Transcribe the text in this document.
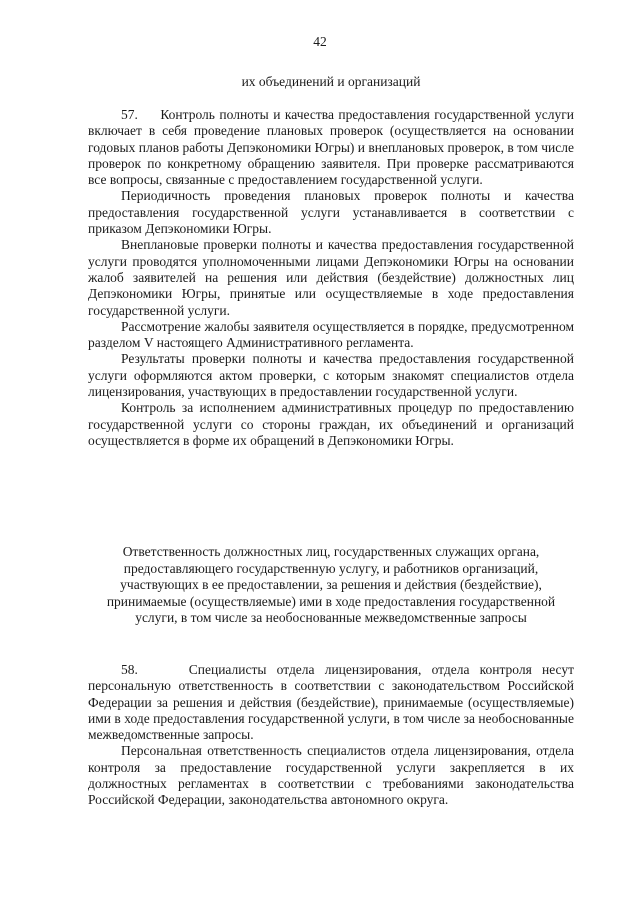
42
их объединений и организаций

57. Контроль полноты и качества предоставления государственной услуги включает в себя проведение плановых проверок (осуществляется на основании годовых планов работы Депэкономики Югры) и внеплановых проверок, в том числе проверок по конкретному обращению заявителя. При проверке рассматриваются все вопросы, связанные с предоставлением государственной услуги.

Периодичность проведения плановых проверок полноты и качества предоставления государственной услуги устанавливается в соответствии с приказом Депэкономики Югры.

Внеплановые проверки полноты и качества предоставления государственной услуги проводятся уполномоченными лицами Депэкономики Югры на основании жалоб заявителей на решения или действия (бездействие) должностных лиц Депэкономики Югры, принятые или осуществляемые в ходе предоставления государственной услуги.

Рассмотрение жалобы заявителя осуществляется в порядке, предусмотренном разделом V настоящего Административного регламента.

Результаты проверки полноты и качества предоставления государственной услуги оформляются актом проверки, с которым знакомят специалистов отдела лицензирования, участвующих в предоставлении государственной услуги.

Контроль за исполнением административных процедур по предоставлению государственной услуги со стороны граждан, их объединений и организаций осуществляется в форме их обращений в Депэкономики Югры.

Ответственность должностных лиц, государственных служащих органа, предоставляющего государственную услугу, и работников организаций, участвующих в ее предоставлении, за решения и действия (бездействие), принимаемые (осуществляемые) ими в ходе предоставления государственной услуги, в том числе за необоснованные межведомственные запросы

58.	Специалисты отдела лицензирования, отдела контроля несут персональную ответственность в соответствии с законодательством Российской Федерации за решения и действия (бездействие), принимаемые (осуществляемые) ими в ходе предоставления государственной услуги, в том числе за необоснованные межведомственные запросы.

Персональная ответственность специалистов отдела лицензирования, отдела контроля за предоставление государственной услуги закрепляется в их должностных регламентах в соответствии с требованиями законодательства Российской Федерации, законодательства автономного округа.
